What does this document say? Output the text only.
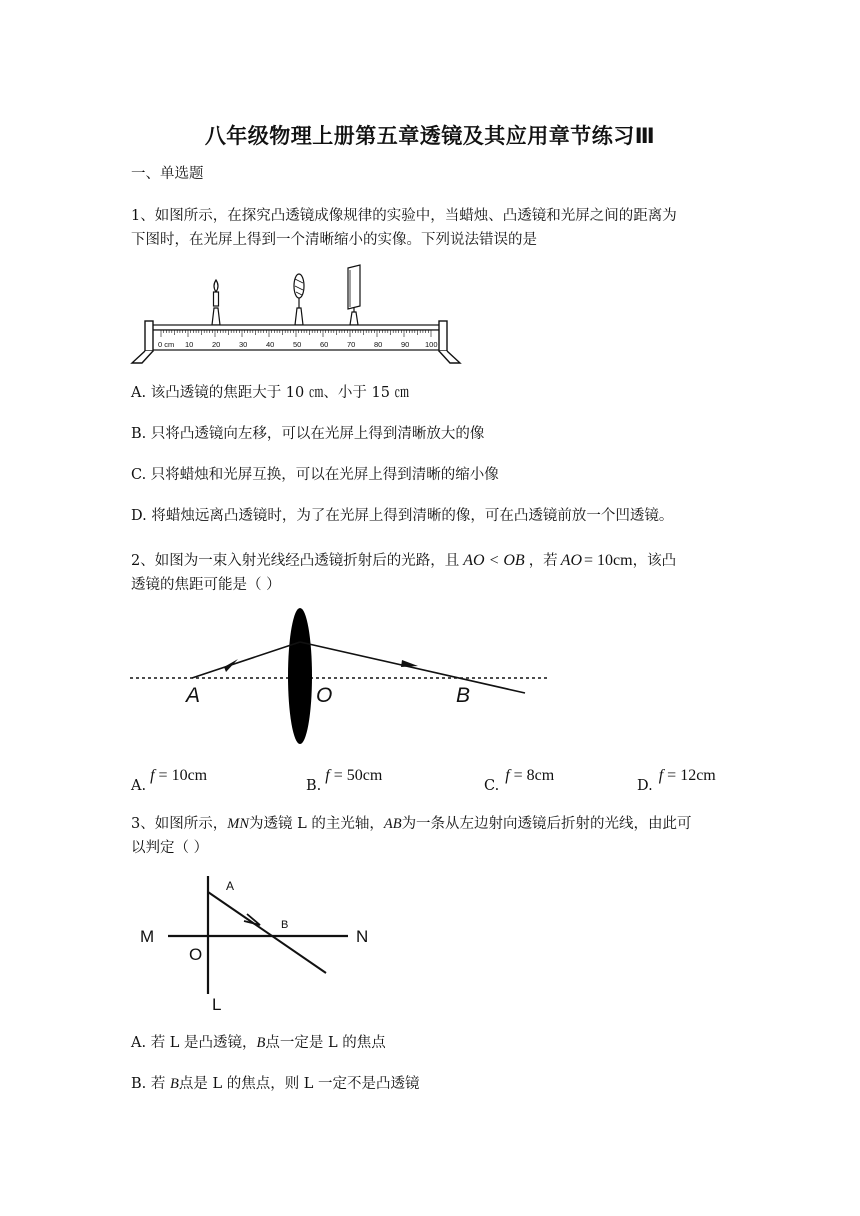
八年级物理上册第五章透镜及其应用章节练习Ⅲ
一、单选题
1、如图所示，在探究凸透镜成像规律的实验中，当蜡烛、凸透镜和光屏之间的距离为
下图时，在光屏上得到一个清晰缩小的实像。下列说法错误的是
0 cm 10 20 30 40 50 60 70 80 90 100
A. 该凸透镜的焦距大于 10 ㎝、小于 15 ㎝
B. 只将凸透镜向左移，可以在光屏上得到清晰放大的像
C. 只将蜡烛和光屏互换，可以在光屏上得到清晰的缩小像
D. 将蜡烛远离凸透镜时，为了在光屏上得到清晰的像，可在凸透镜前放一个凹透镜。
2、如图为一束入射光线经凸透镜折射后的光路，且 AO < OB ，若 AO = 10cm，该凸
透镜的焦距可能是（ ）
A	O	B
A.f = 10cm
B.f = 50cm
C.f = 8cm
D.f = 12cm
3、如图所示，MN为透镜 L 的主光轴，AB为一条从左边射向透镜后折射的光线，由此可
以判定（ ）
M	N
O
L
A
B
A. 若 L 是凸透镜，B点一定是 L 的焦点
B. 若 B点是 L 的焦点，则 L 一定不是凸透镜
